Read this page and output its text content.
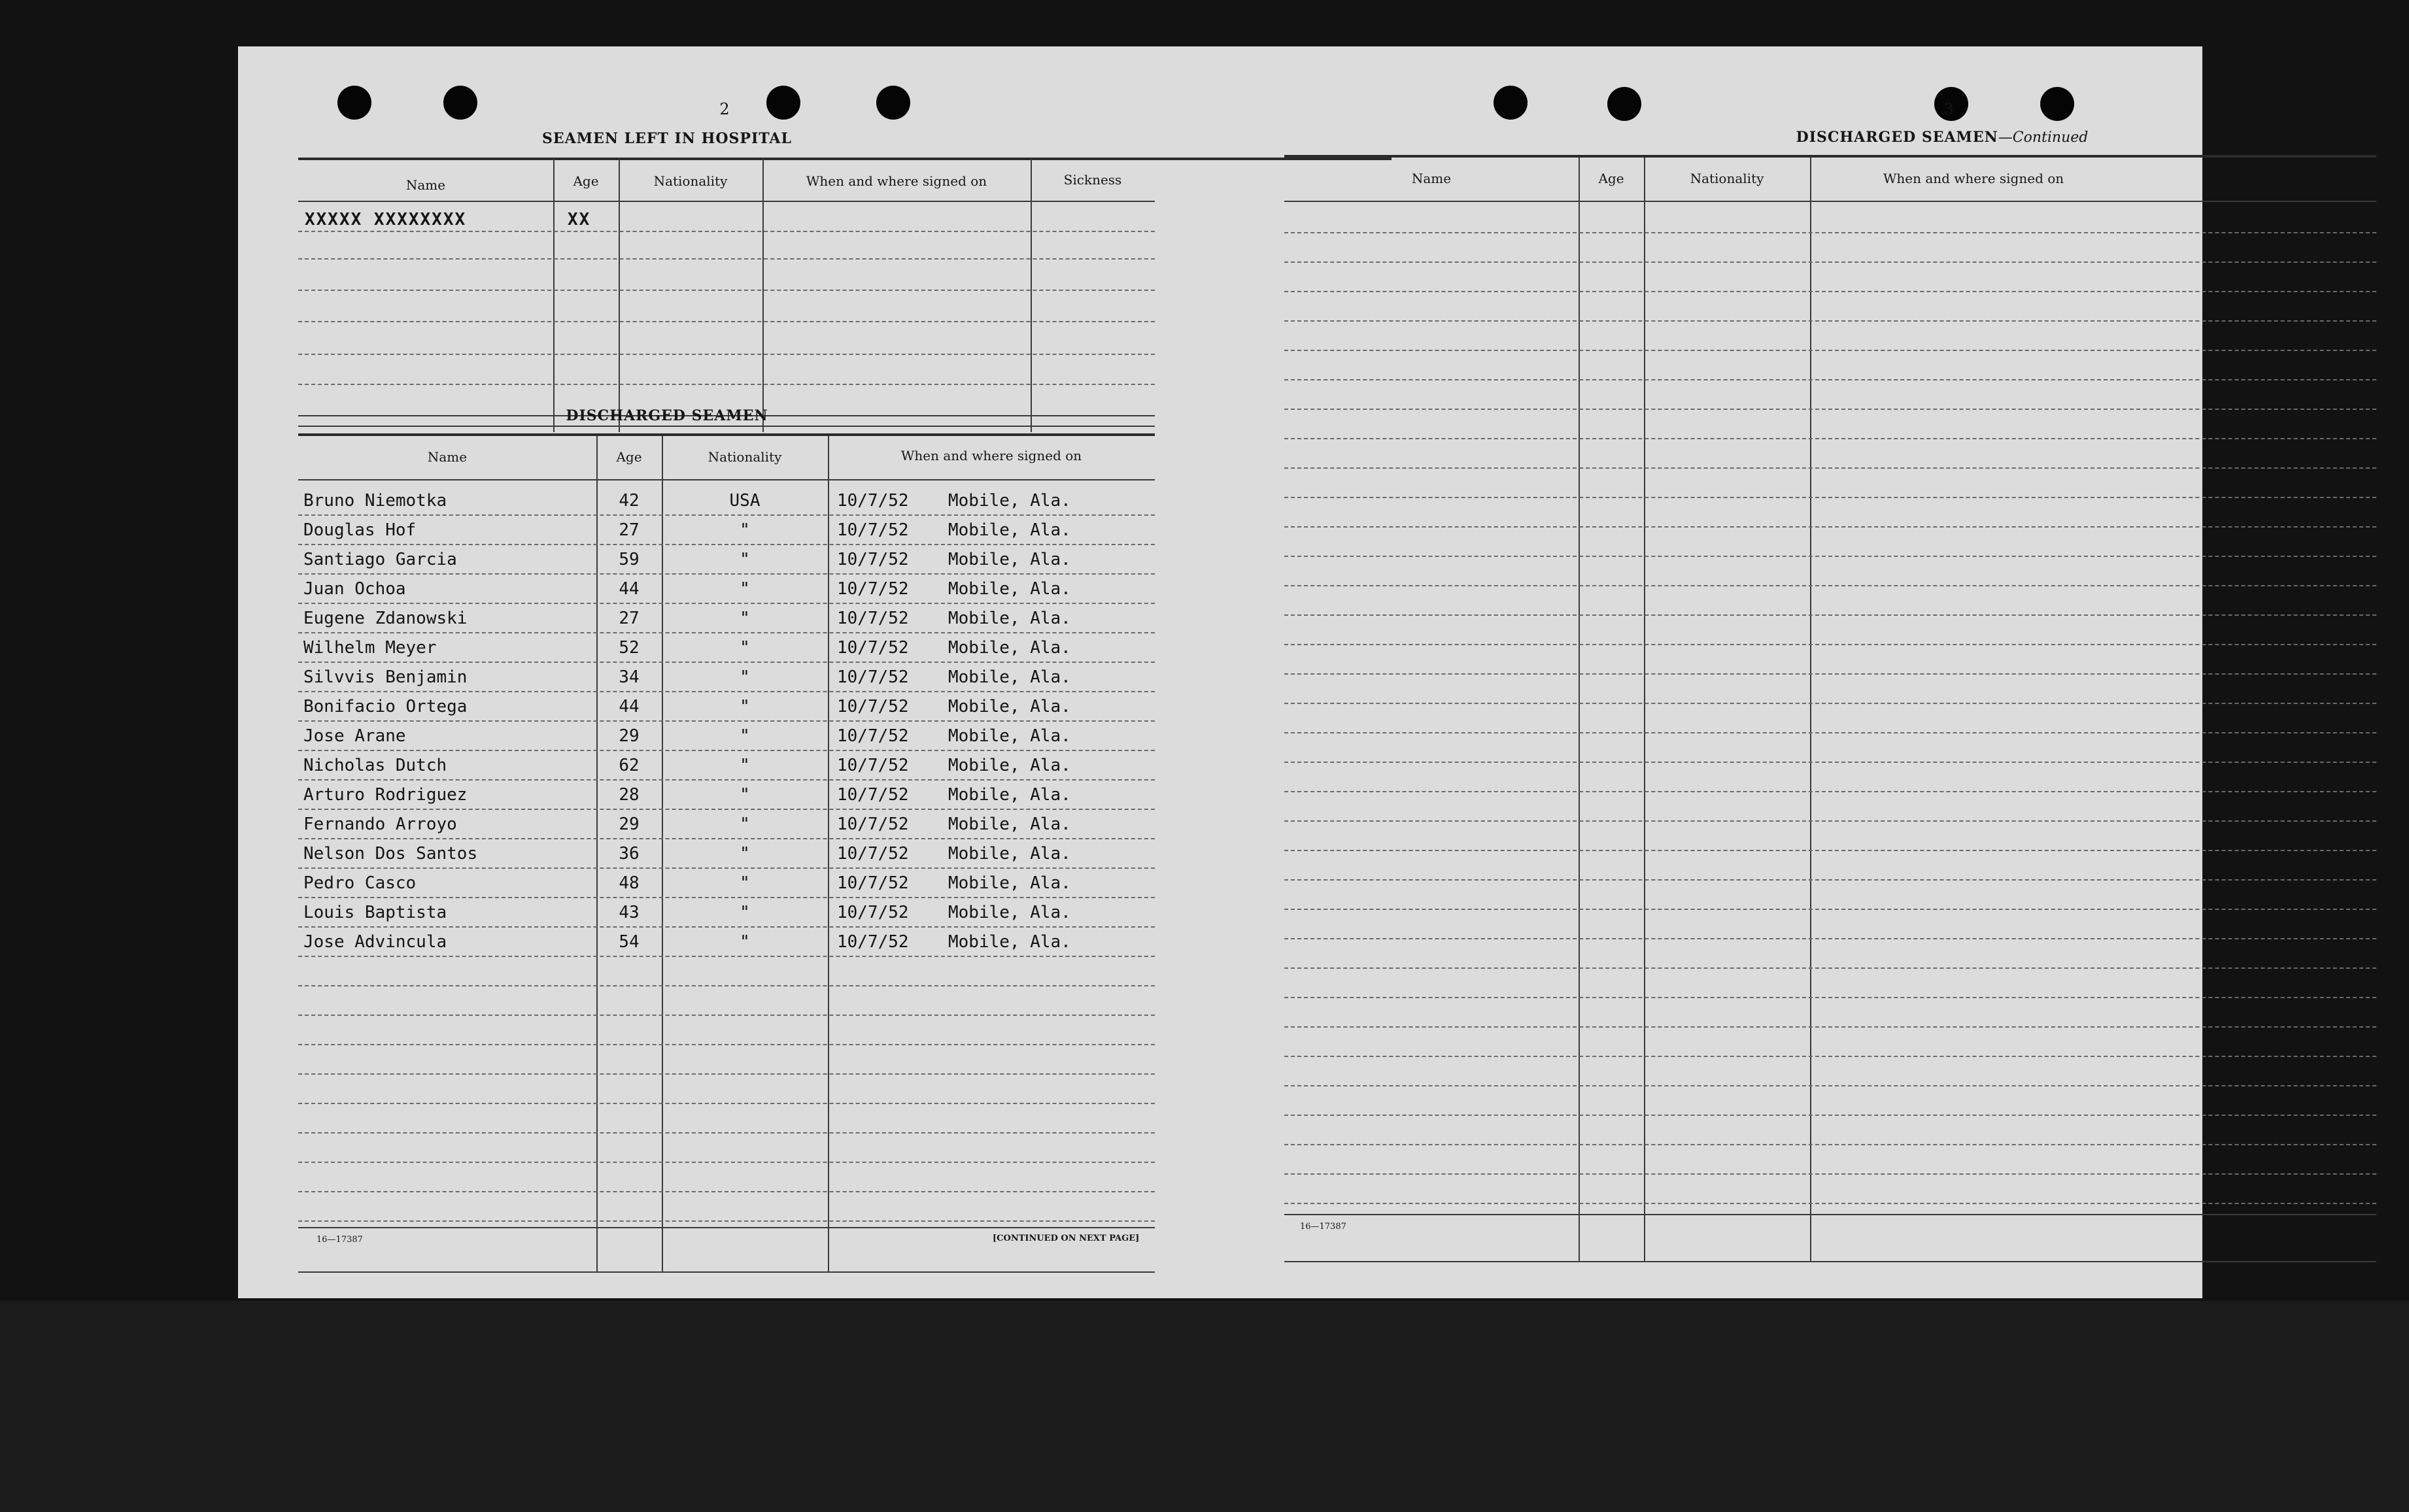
2
SEAMEN LEFT IN HOSPITAL
Name	Age	Nationality	When and where signed on	Sickness
XXXXX XXXXXXXX	XX
DISCHARGED SEAMEN
Name	Age	Nationality	When and where signed on
Bruno Niemotka	42	USA	10/7/52 Mobile, Ala.
Douglas Hof	27	"	10/7/52 Mobile, Ala.
Santiago Garcia	59	"	10/7/52 Mobile, Ala.
Juan Ochoa	44	"	10/7/52 Mobile, Ala.
Eugene Zdanowski	27	"	10/7/52 Mobile, Ala.
Wilhelm Meyer	52	"	10/7/52 Mobile, Ala.
Silvvis Benjamin	34	"	10/7/52 Mobile, Ala.
Bonifacio Ortega	44	"	10/7/52 Mobile, Ala.
Jose Arane	29	"	10/7/52 Mobile, Ala.
Nicholas Dutch	62	"	10/7/52 Mobile, Ala.
Arturo Rodriguez	28	"	10/7/52 Mobile, Ala.
Fernando Arroyo	29	"	10/7/52 Mobile, Ala.
Nelson Dos Santos	36	"	10/7/52 Mobile, Ala.
Pedro Casco	48	"	10/7/52 Mobile, Ala.
Louis Baptista	43	"	10/7/52 Mobile, Ala.
Jose Advincula	54	"	10/7/52 Mobile, Ala.
16—17387	[CONTINUED ON NEXT PAGE]
3
DISCHARGED SEAMEN—Continued
Name	Age	Nationality	When and where signed on
16—17387
